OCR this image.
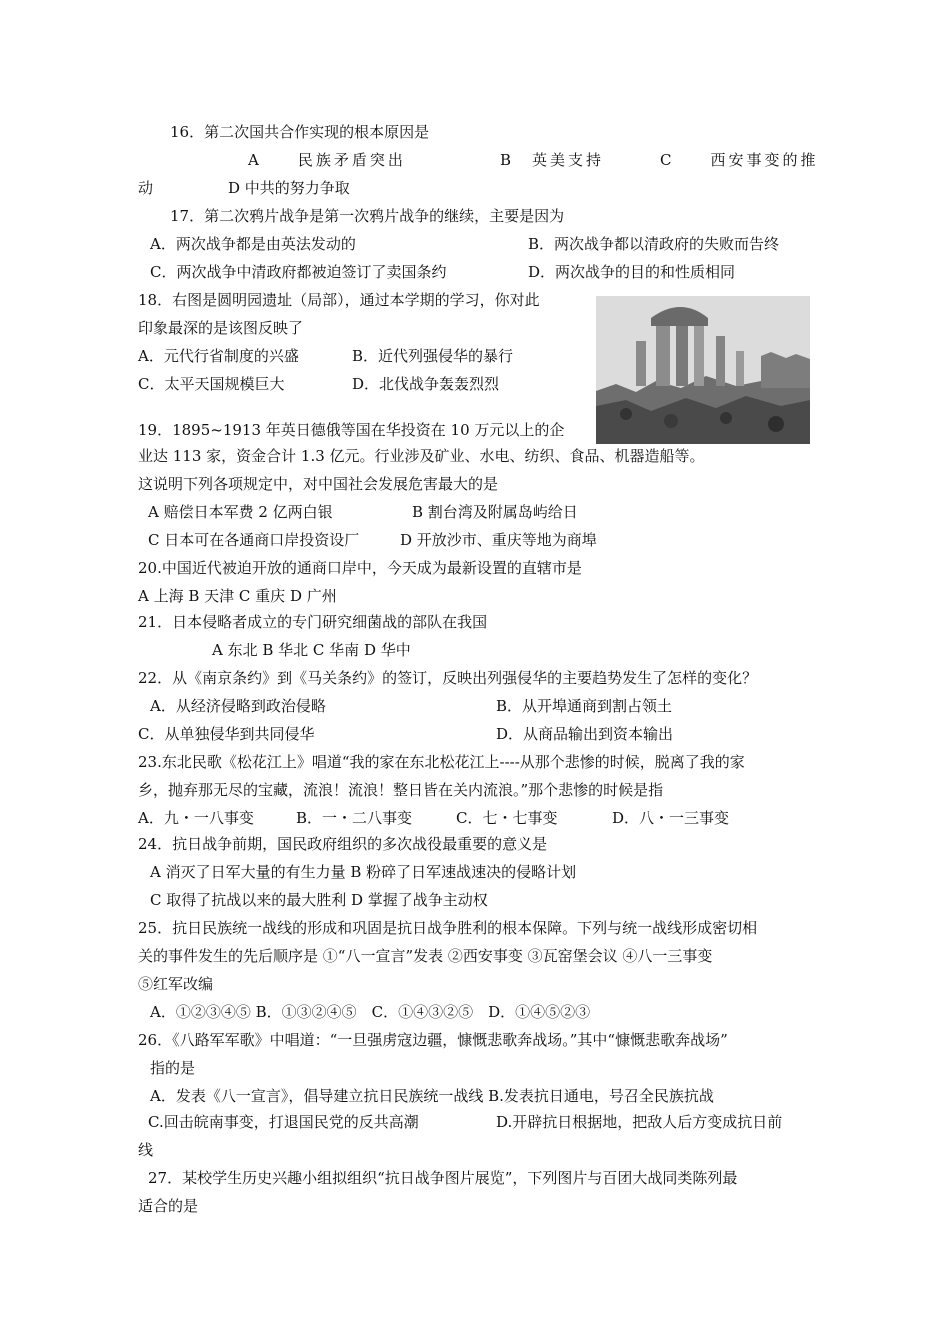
16．第二次国共合作实现的根本原因是
A　　民族矛盾突出	B　英美支持	C　　西安事变的推
动	D 中共的努力争取
17．第二次鸦片战争是第一次鸦片战争的继续，主要是因为
A．两次战争都是由英法发动的	B．两次战争都以清政府的失败而告终
C．两次战争中清政府都被迫签订了卖国条约	D．两次战争的目的和性质相同
18．右图是圆明园遗址（局部），通过本学期的学习，你对此
印象最深的是该图反映了
A．元代行省制度的兴盛	B．近代列强侵华的暴行
C．太平天国规模巨大	D．北伐战争轰轰烈烈
19．1895~1913 年英日德俄等国在华投资在 10 万元以上的企
业达 113 家，资金合计 1.3 亿元。行业涉及矿业、水电、纺织、食品、机器造船等。
这说明下列各项规定中，对中国社会发展危害最大的是
A 赔偿日本军费 2 亿两白银	B 割台湾及附属岛屿给日
C 日本可在各通商口岸投资设厂	D 开放沙市、重庆等地为商埠
20.中国近代被迫开放的通商口岸中，今天成为最新设置的直辖市是
A 上海 B 天津 C 重庆 D 广州
21．日本侵略者成立的专门研究细菌战的部队在我国
A 东北 B 华北 C 华南 D 华中
22．从《南京条约》到《马关条约》的签订，反映出列强侵华的主要趋势发生了怎样的变化？
A．从经济侵略到政治侵略	B．从开埠通商到割占领土
C．从单独侵华到共同侵华	D．从商品输出到资本输出
23.东北民歌《松花江上》唱道“我的家在东北松花江上----从那个悲惨的时候，脱离了我的家
乡，抛弃那无尽的宝藏，流浪！流浪！整日皆在关内流浪。”那个悲惨的时候是指
A．九・一八事变	B．一・二八事变	C．七・七事变	D．八・一三事变
24．抗日战争前期，国民政府组织的多次战役最重要的意义是
A 消灭了日军大量的有生力量 B 粉碎了日军速战速决的侵略计划
C 取得了抗战以来的最大胜利 D 掌握了战争主动权
25．抗日民族统一战线的形成和巩固是抗日战争胜利的根本保障。下列与统一战线形成密切相
关的事件发生的先后顺序是 ①“八一宣言”发表 ②西安事变 ③瓦窑堡会议 ④八一三事变
⑤红军改编
A．①②③④⑤ B．①③②④⑤　C．①④③②⑤　D．①④⑤②③
26．《八路军军歌》中唱道：“一旦强虏寇边疆，慷慨悲歌奔战场。”其中“慷慨悲歌奔战场”
指的是
A．发表《八一宣言》，倡导建立抗日民族统一战线 B.发表抗日通电，号召全民族抗战
C.回击皖南事变，打退国民党的反共高潮	D.开辟抗日根据地，把敌人后方变成抗日前
线
27．某校学生历史兴趣小组拟组织“抗日战争图片展览”，下列图片与百团大战同类陈列最
适合的是
